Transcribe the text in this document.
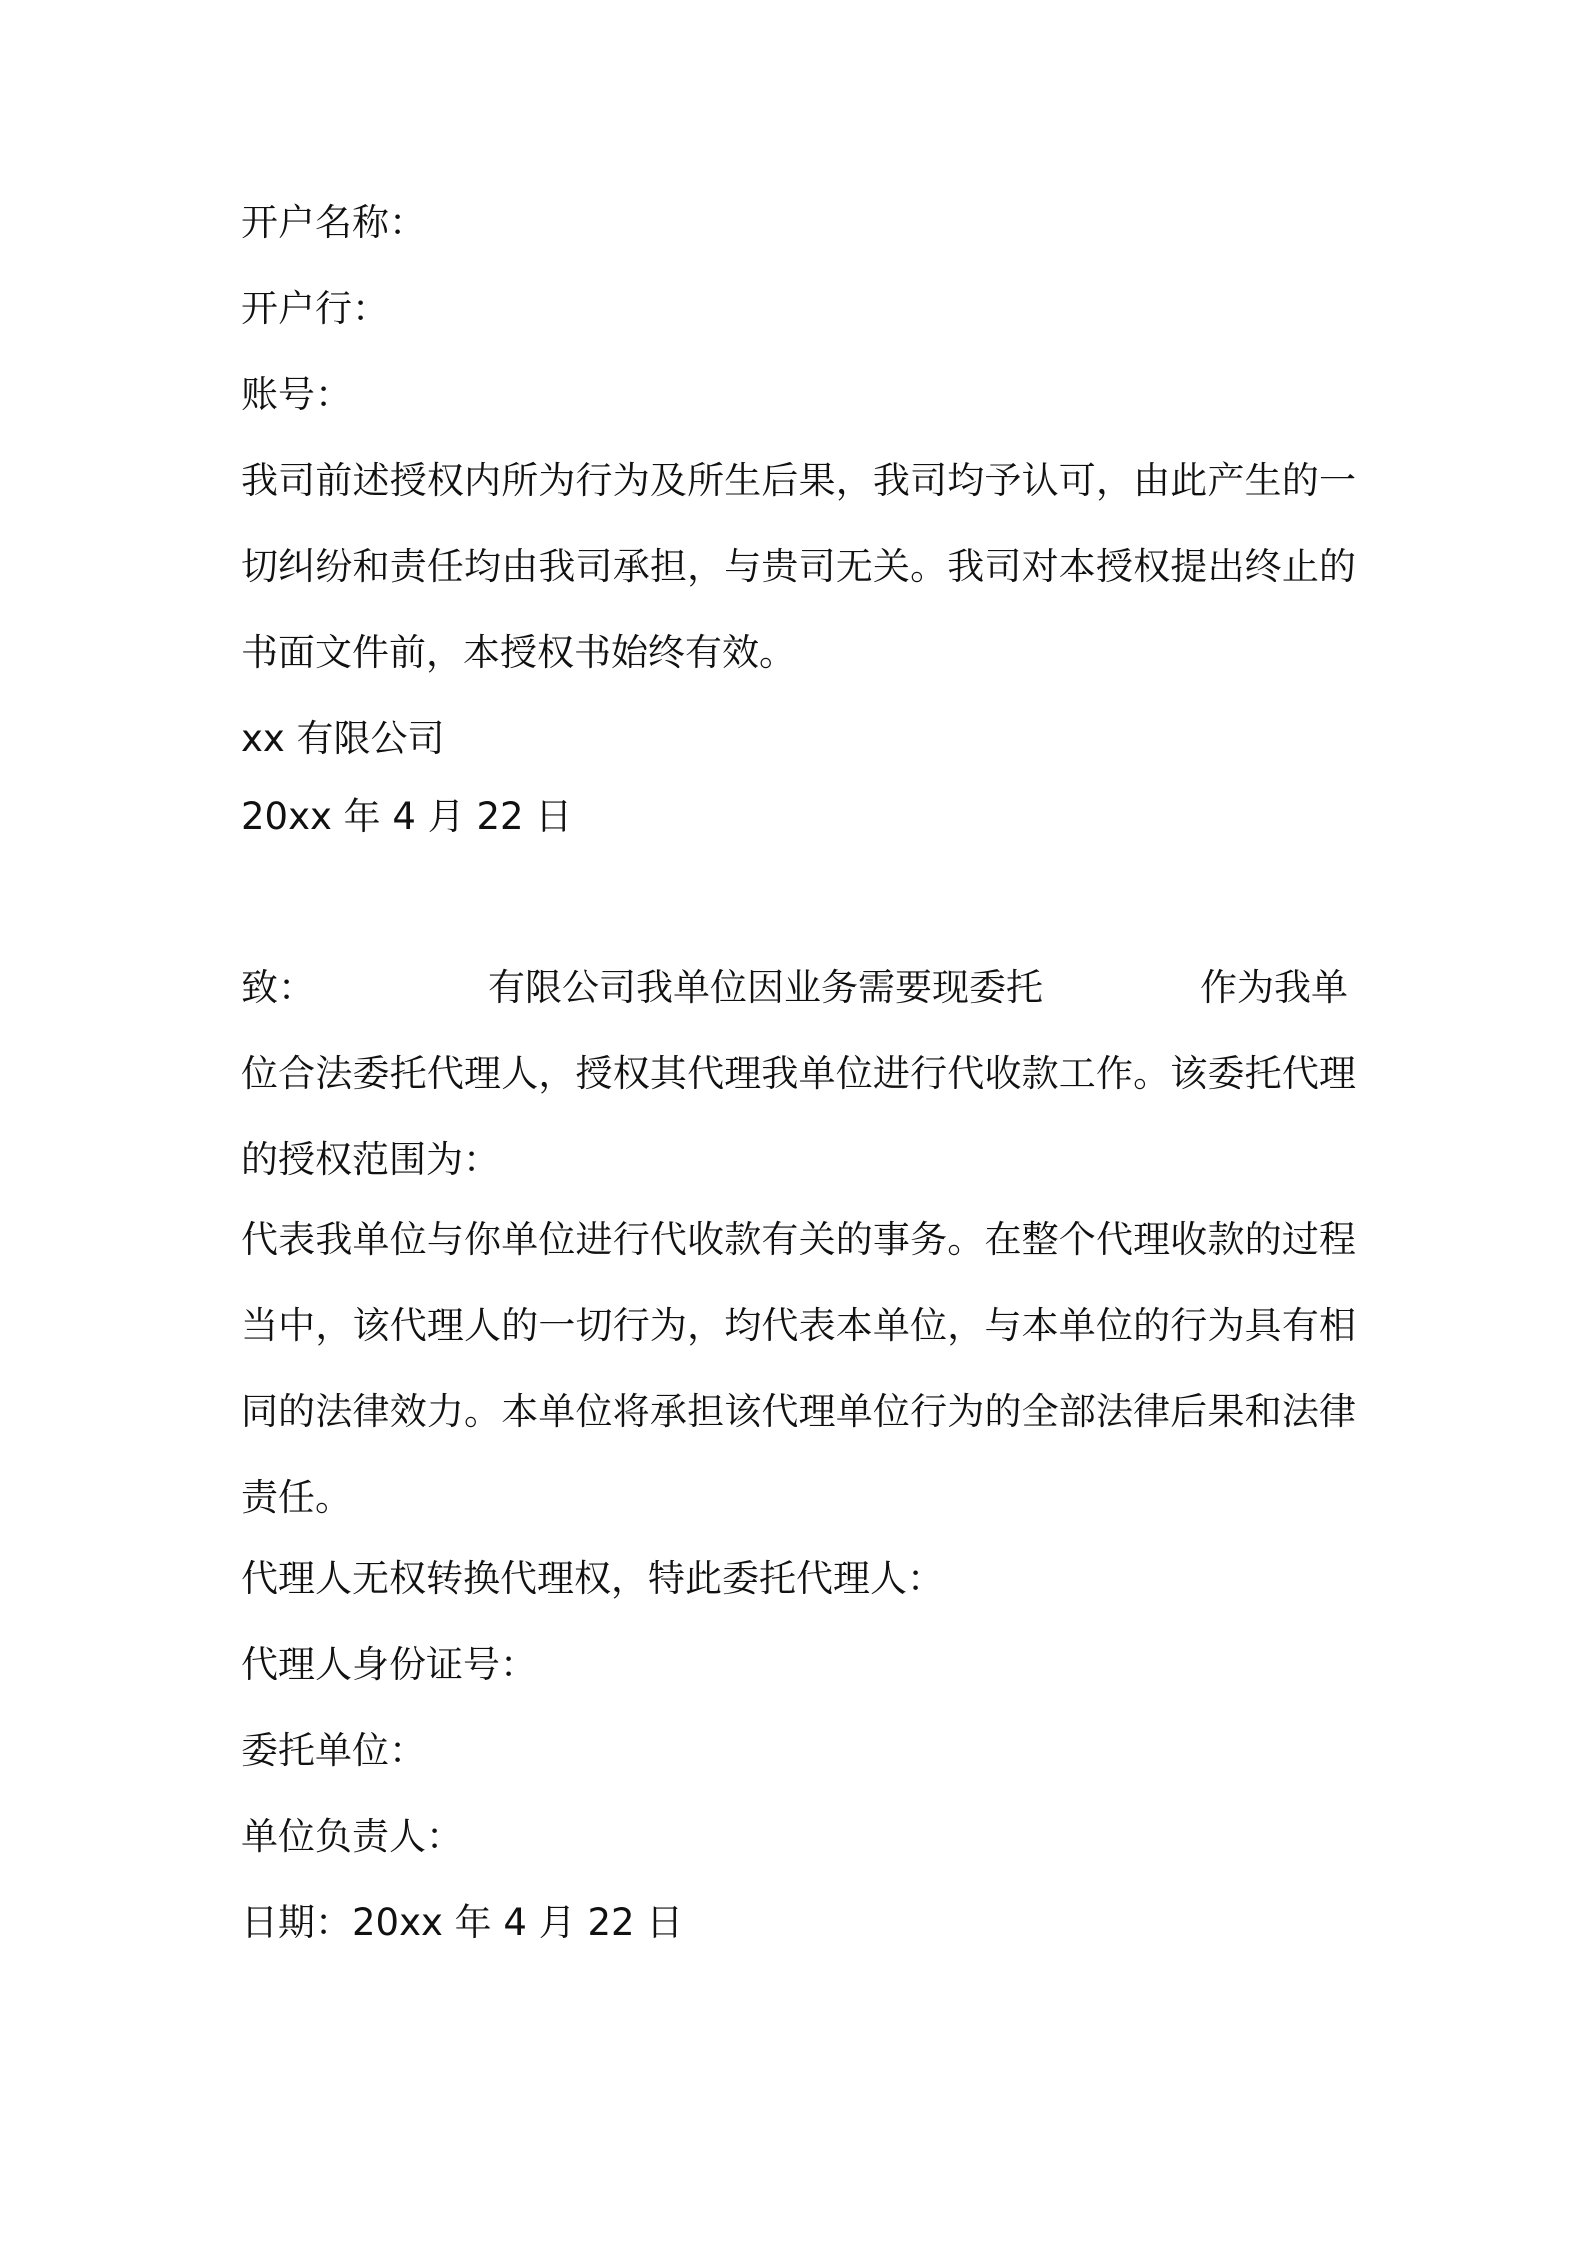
开户名称：
开户行：
账号：
我司前述授权内所为行为及所生后果，我司均予认可，由此产生的一
切纠纷和责任均由我司承担，与贵司无关。我司对本授权提出终止的
书面文件前，本授权书始终有效。
xx 有限公司
20xx 年 4 月 22 日
致：	有限公司我单位因业务需要现委托	作为我单
位合法委托代理人，授权其代理我单位进行代收款工作。该委托代理
的授权范围为：
代表我单位与你单位进行代收款有关的事务。在整个代理收款的过程
当中，该代理人的一切行为，均代表本单位，与本单位的行为具有相
同的法律效力。本单位将承担该代理单位行为的全部法律后果和法律
责任。
代理人无权转换代理权，特此委托代理人：
代理人身份证号：
委托单位：
单位负责人：
日期：20xx 年 4 月 22 日
